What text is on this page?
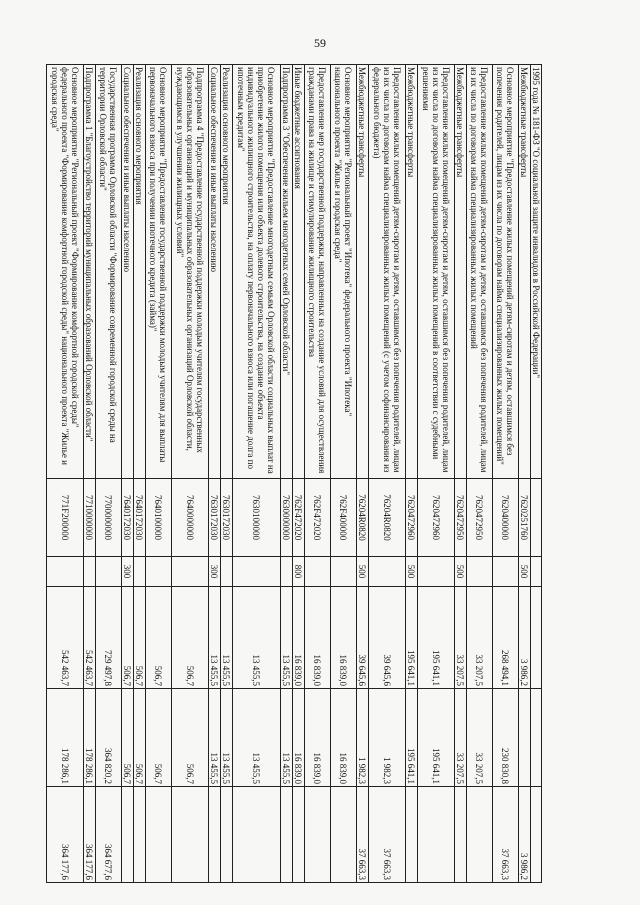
59
1995 года № 181-ФЗ "О социальной защите инвалидов в Российской Федерации"					
Межбюджетные трансферты	7620251760	500	3 986,2		3 986,2
Основное мероприятие "Предоставление жилых помещений детям-сиротам и детям, оставшимся без попечения родителей, лицам из их числа по договорам найма специализированных жилых помещений"	7620400000		268 494,1	230 830,8	37 663,3
Предоставление жилых помещений детям-сиротам и детям, оставшимся без попечения родителей, лицам из их числа по договорам найма специализированных жилых помещений	7620472950		33 207,5	33 207,5	
Межбюджетные трансферты	7620472950	500	33 207,5	33 207,5	
Предоставление жилых помещений детям-сиротам и детям, оставшимся без попечения родителей, лицам из их числа по договорам найма специализированных жилых помещений в соответствии с судебными решениями	7620472960		195 641,1	195 641,1	
Межбюджетные трансферты	7620472960	500	195 641,1	195 641,1	
Предоставление жилых помещений детям-сиротам и детям, оставшимся без попечения родителей, лицам из их числа по договорам найма специализированных жилых помещений (с учетом софинансирования из федерального бюджета)	76204R0820		39 645,6	1 982,3	37 663,3
Межбюджетные трансферты	76204R0820	500	39 645,6	1 982,3	37 663,3
Основное мероприятие "Региональный проект "Ипотека" федерального проекта "Ипотека" национального проекта "Жилье и городская среда"	762F400000		16 839,0	16 839,0	
Предоставление мер государственной поддержки, направленных на создание условий для осуществления гражданами права на жилище и стимулирование жилищного строительства	762F472020		16 839,0	16 839,0	
Иные бюджетные ассигнования	762F472020	800	16 839,0	16 839,0	
Подпрограмма 3 "Обеспечение жильем многодетных семей Орловской области"	7630000000		13 455,5	13 455,5	
Основное мероприятие "Предоставление многодетным семьям Орловской области социальных выплат на приобретение жилого помещения или объекта долевого строительства, на создание объекта индивидуального жилищного строительства, на оплату первоначального взноса или погашение долга по ипотечным кредитам"	7630100000		13 455,5	13 455,5	
Реализация основного мероприятия	7630172030		13 455,5	13 455,5	
Социальное обеспечение и иные выплаты населению	7630172030	300	13 455,5	13 455,5	
Подпрограмма 4 "Предоставление государственной поддержки молодым учителям государственных образовательных организаций и муниципальных образовательных организаций Орловской области, нуждающимся в улучшении жилищных условий"	7640000000		506,7	506,7	
Основное мероприятие "Предоставление государственной поддержки молодым учителям для выплаты первоначального взноса при получении ипотечного кредита (займа)"	7640100000		506,7	506,7	
Реализация основного мероприятия	7640172030		506,7	506,7	
Социальное обеспечение и иные выплаты населению	7640172030	300	506,7	506,7	
Государственная программа Орловской области "Формирование современной городской среды на территории Орловской области"	7700000000		729 497,8	364 820,2	364 677,6
Подпрограмма 1 "Благоустройство территорий муниципальных образований Орловской области"	7710000000		542 463,7	178 286,1	364 177,6
Основное мероприятие "Региональный проект "Формирование комфортной городской среды" федерального проекта "Формирование комфортной городской среды" национального проекта "Жилье и городская среда"	771F200000		542 463,7	178 286,1	364 177,6
